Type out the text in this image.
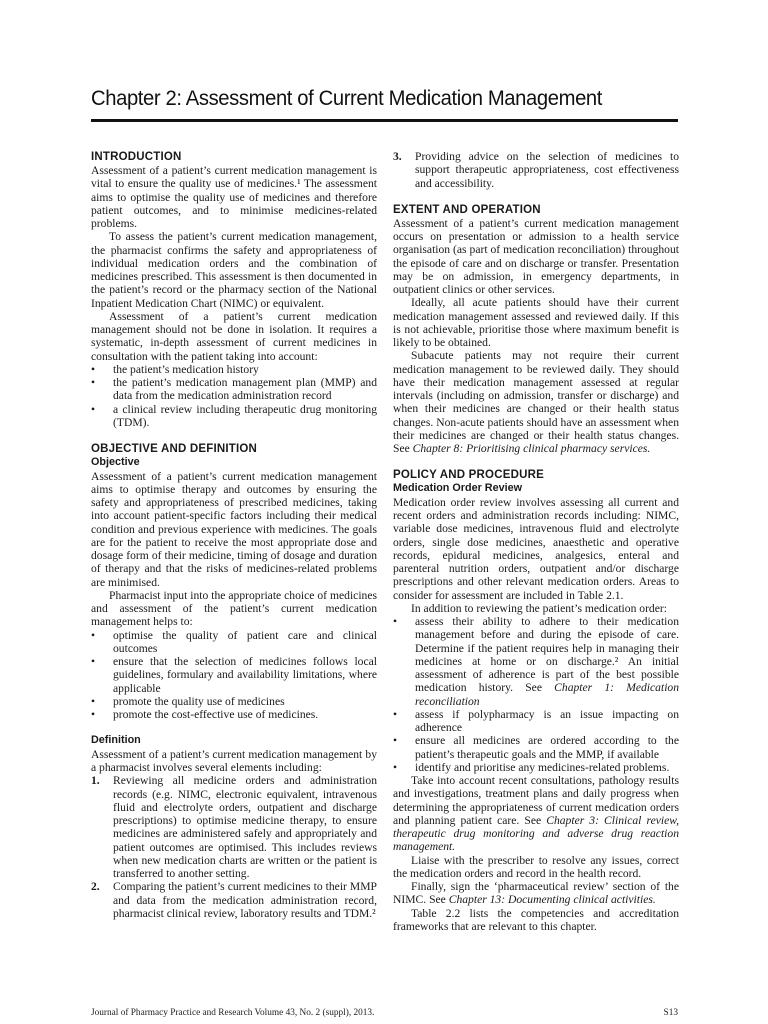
Chapter 2: Assessment of Current Medication Management
INTRODUCTION

Assessment of a patient’s current medication management is vital to ensure the quality use of medicines.¹ The assessment aims to optimise the quality use of medicines and therefore patient outcomes, and to minimise medicines-related problems.

To assess the patient’s current medication management, the pharmacist confirms the safety and appropriateness of individual medication orders and the combination of medicines prescribed. This assessment is then documented in the patient’s record or the pharmacy section of the National Inpatient Medication Chart (NIMC) or equivalent.

Assessment of a patient’s current medication management should not be done in isolation. It requires a systematic, in-depth assessment of current medicines in consultation with the patient taking into account:

• the patient’s medication history
• the patient’s medication management plan (MMP) and data from the medication administration record
• a clinical review including therapeutic drug monitoring (TDM).
OBJECTIVE AND DEFINITION
Objective

Assessment of a patient’s current medication management aims to optimise therapy and outcomes by ensuring the safety and appropriateness of prescribed medicines, taking into account patient-specific factors including their medical condition and previous experience with medicines. The goals are for the patient to receive the most appropriate dose and dosage form of their medicine, timing of dosage and duration of therapy and that the risks of medicines-related problems are minimised.

Pharmacist input into the appropriate choice of medicines and assessment of the patient’s current medication management helps to:

• optimise the quality of patient care and clinical outcomes
• ensure that the selection of medicines follows local guidelines, formulary and availability limitations, where applicable
• promote the quality use of medicines
• promote the cost-effective use of medicines.
Definition

Assessment of a patient’s current medication management by a pharmacist involves several elements including:

1. Reviewing all medicine orders and administration records (e.g. NIMC, electronic equivalent, intravenous fluid and electrolyte orders, outpatient and discharge prescriptions) to optimise medicine therapy, to ensure medicines are administered safely and appropriately and patient outcomes are optimised. This includes reviews when new medication charts are written or the patient is transferred to another setting.
2. Comparing the patient’s current medicines to their MMP and data from the medication administration record, pharmacist clinical review, laboratory results and TDM.²
3. Providing advice on the selection of medicines to support therapeutic appropriateness, cost effectiveness and accessibility.
EXTENT AND OPERATION

Assessment of a patient’s current medication management occurs on presentation or admission to a health service organisation (as part of medication reconciliation) throughout the episode of care and on discharge or transfer. Presentation may be on admission, in emergency departments, in outpatient clinics or other services.

Ideally, all acute patients should have their current medication management assessed and reviewed daily. If this is not achievable, prioritise those where maximum benefit is likely to be obtained.

Subacute patients may not require their current medication management to be reviewed daily. They should have their medication management assessed at regular intervals (including on admission, transfer or discharge) and when their medicines are changed or their health status changes. Non-acute patients should have an assessment when their medicines are changed or their health status changes. See Chapter 8: Prioritising clinical pharmacy services.

POLICY AND PROCEDURE
Medication Order Review

Medication order review involves assessing all current and recent orders and administration records including: NIMC, variable dose medicines, intravenous fluid and electrolyte orders, single dose medicines, anaesthetic and operative records, epidural medicines, analgesics, enteral and parenteral nutrition orders, outpatient and/or discharge prescriptions and other relevant medication orders. Areas to consider for assessment are included in Table 2.1.

In addition to reviewing the patient’s medication order:

• assess their ability to adhere to their medication management before and during the episode of care. Determine if the patient requires help in managing their medicines at home or on discharge.² An initial assessment of adherence is part of the best possible medication history. See Chapter 1: Medication reconciliation
• assess if polypharmacy is an issue impacting on adherence
• ensure all medicines are ordered according to the patient’s therapeutic goals and the MMP, if available
• identify and prioritise any medicines-related problems.

Take into account recent consultations, pathology results and investigations, treatment plans and daily progress when determining the appropriateness of current medication orders and planning patient care. See Chapter 3: Clinical review, therapeutic drug monitoring and adverse drug reaction management.

Liaise with the prescriber to resolve any issues, correct the medication orders and record in the health record.

Finally, sign the ‘pharmaceutical review’ section of the NIMC. See Chapter 13: Documenting clinical activities.

Table 2.2 lists the competencies and accreditation frameworks that are relevant to this chapter.

Journal of Pharmacy Practice and Research Volume 43, No. 2 (suppl), 2013.	S13
